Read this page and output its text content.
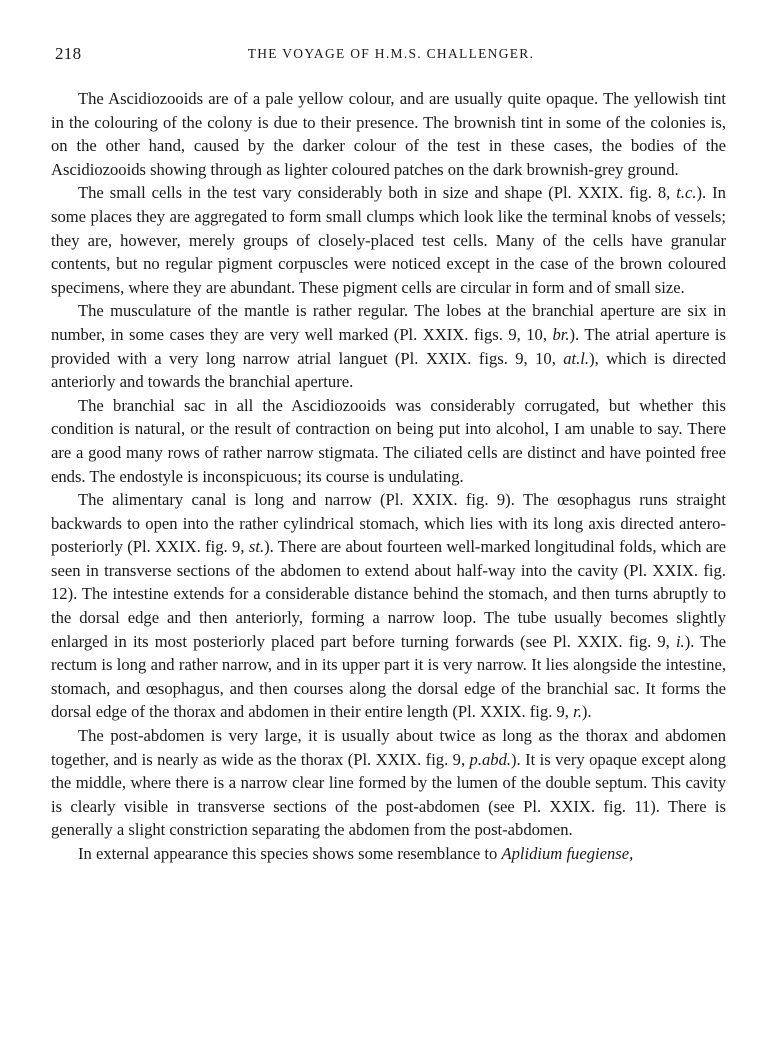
218	THE VOYAGE OF H.M.S. CHALLENGER.

The Ascidiozooids are of a pale yellow colour, and are usually quite opaque. The yellowish tint in the colouring of the colony is due to their presence. The brownish tint in some of the colonies is, on the other hand, caused by the darker colour of the test in these cases, the bodies of the Ascidiozooids showing through as lighter coloured patches on the dark brownish-grey ground.

The small cells in the test vary considerably both in size and shape (Pl. XXIX. fig. 8, t.c.). In some places they are aggregated to form small clumps which look like the terminal knobs of vessels; they are, however, merely groups of closely-placed test cells. Many of the cells have granular contents, but no regular pigment corpuscles were noticed except in the case of the brown coloured specimens, where they are abundant. These pigment cells are circular in form and of small size.

The musculature of the mantle is rather regular. The lobes at the branchial aperture are six in number, in some cases they are very well marked (Pl. XXIX. figs. 9, 10, br.). The atrial aperture is provided with a very long narrow atrial languet (Pl. XXIX. figs. 9, 10, at.l.), which is directed anteriorly and towards the branchial aperture.

The branchial sac in all the Ascidiozooids was considerably corrugated, but whether this condition is natural, or the result of contraction on being put into alcohol, I am unable to say. There are a good many rows of rather narrow stigmata. The ciliated cells are distinct and have pointed free ends. The endostyle is inconspicuous; its course is undulating.

The alimentary canal is long and narrow (Pl. XXIX. fig. 9). The œsophagus runs straight backwards to open into the rather cylindrical stomach, which lies with its long axis directed antero-posteriorly (Pl. XXIX. fig. 9, st.). There are about fourteen well-marked longitudinal folds, which are seen in transverse sections of the abdomen to extend about half-way into the cavity (Pl. XXIX. fig. 12). The intestine extends for a considerable distance behind the stomach, and then turns abruptly to the dorsal edge and then anteriorly, forming a narrow loop. The tube usually becomes slightly enlarged in its most posteriorly placed part before turning forwards (see Pl. XXIX. fig. 9, i.). The rectum is long and rather narrow, and in its upper part it is very narrow. It lies alongside the intestine, stomach, and œsophagus, and then courses along the dorsal edge of the branchial sac. It forms the dorsal edge of the thorax and abdomen in their entire length (Pl. XXIX. fig. 9, r.).

The post-abdomen is very large, it is usually about twice as long as the thorax and abdomen together, and is nearly as wide as the thorax (Pl. XXIX. fig. 9, p.abd.). It is very opaque except along the middle, where there is a narrow clear line formed by the lumen of the double septum. This cavity is clearly visible in transverse sections of the post-abdomen (see Pl. XXIX. fig. 11). There is generally a slight constriction separating the abdomen from the post-abdomen.

In external appearance this species shows some resemblance to Aplidium fuegiense,
